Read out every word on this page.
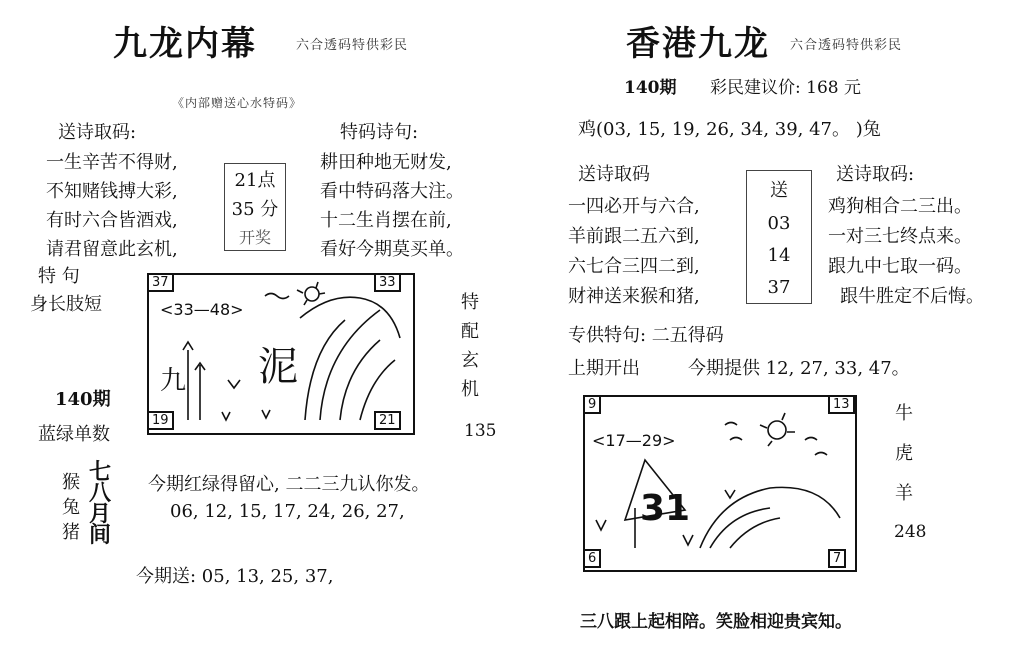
九龙内幕	六合透码特供彩民
《内部赠送心水特码》
送诗取码:	特码诗句:
一生辛苦不得财,
不知赌钱搏大彩,
有时六合皆酒戏,
请君留意此玄机,
21点
35 分
开奖
耕田种地无财发,
看中特码落大注。
十二生肖摆在前,
看好今期莫买单。
特 句
身长肢短
140期
蓝绿单数
37	33
19	21
<33—48>
九 泥
特
配
玄
机
135
猴
兔
猪
七
八
月
间
今期红绿得留心, 二二三九认你发。
06, 12, 15, 17, 24, 26, 27,
今期送: 05, 13, 25, 37,
香港九龙 六合透码特供彩民
140期 彩民建议价: 168 元
鸡(03, 15, 19, 26, 34, 39, 47。 )兔
送诗取码	送诗取码:
一四必开与六合,
羊前跟二五六到,
六七合三四二到,
财神送来猴和猪,
送
03
14
37
鸡狗相合二三出。
一对三七终点来。
跟九中七取一码。
跟牛胜定不后悔。
专供特句: 二五得码
上期开出	今期提供 12, 27, 33, 47。
9	13
6	7
<17—29>
31
牛
虎
羊
248
三八跟上起相陪。笑脸相迎贵宾知。
